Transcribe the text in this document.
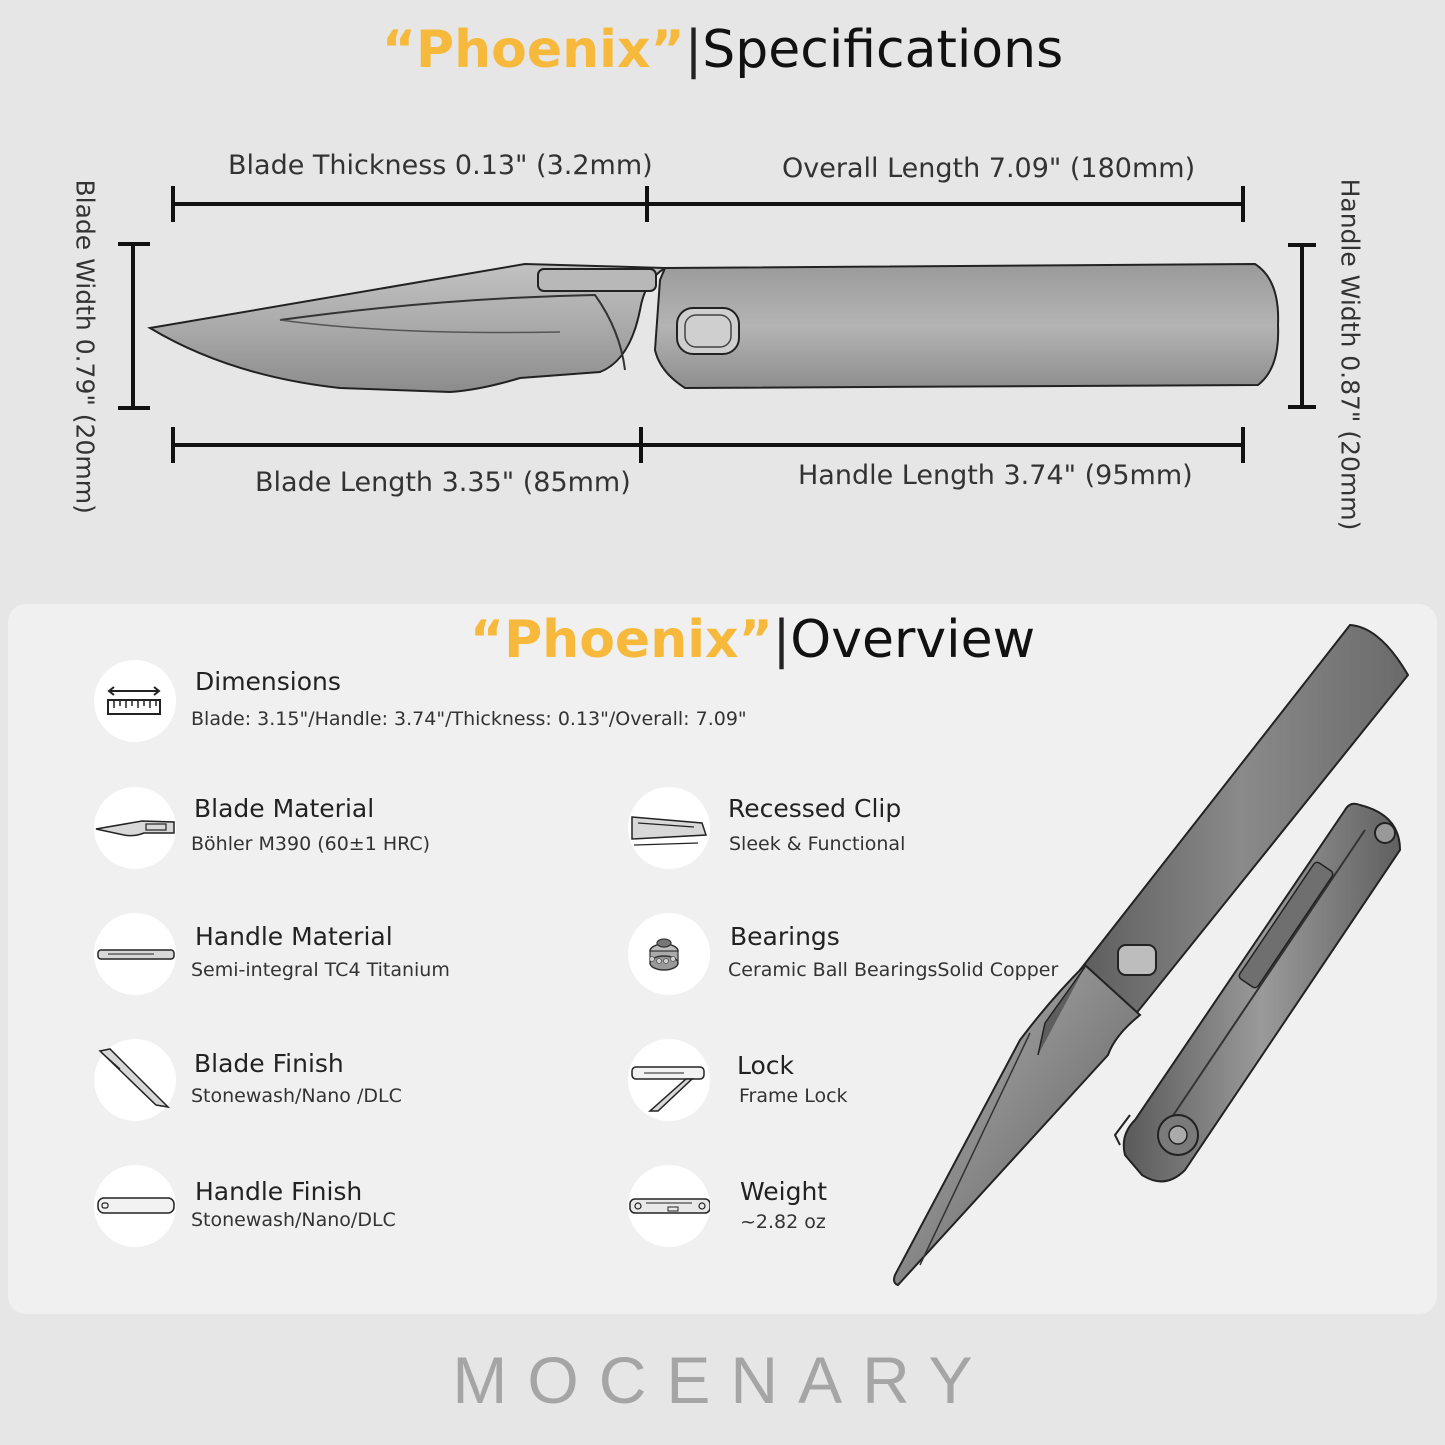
“Phoenix”|Specifications
Blade Thickness 0.13" (3.2mm)	Overall Length 7.09" (180mm)
Blade Length 3.35" (85mm)	Handle Length 3.74" (95mm)
Blade Width 0.79" (20mm)	Handle Width 0.87" (20mm)
“Phoenix”|Overview
Dimensions
Blade: 3.15"/Handle: 3.74"/Thickness: 0.13"/Overall: 7.09"
Blade Material
Böhler M390 (60±1 HRC)
Handle Material
Semi-integral TC4 Titanium
Blade Finish
Stonewash/Nano /DLC
Handle Finish
Stonewash/Nano/DLC
Recessed Clip
Sleek & Functional
Bearings
Ceramic Ball BearingsSolid Copper
Lock
Frame Lock
Weight
~2.82 oz
MOCENARY
